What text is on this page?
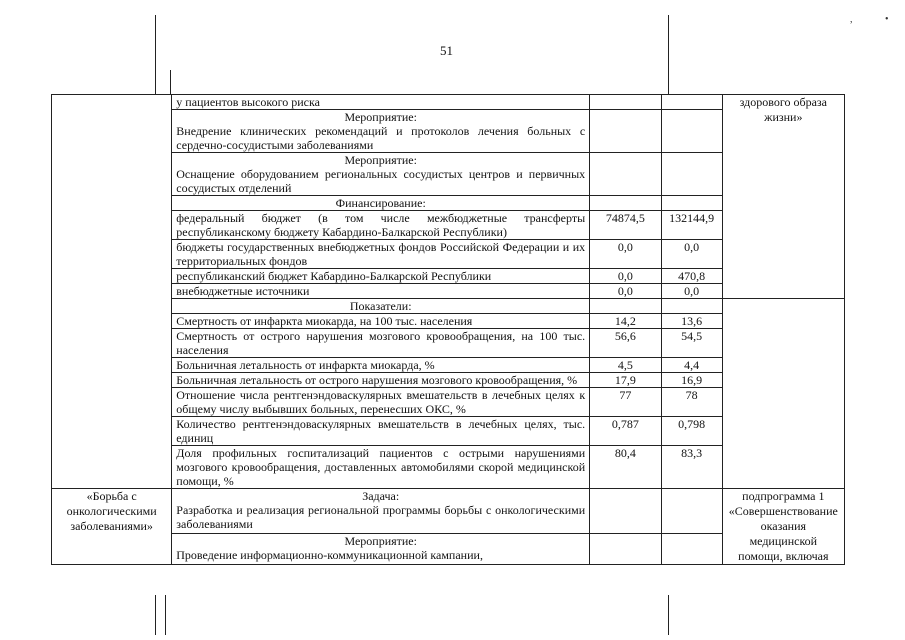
51
,	•
	у пациентов высокого риска			здорового образа жизни»

	Мероприятие:
Внедрение клинических рекомендаций и протоколов лечения больных с сердечно-сосудистыми заболеваниями			

	Мероприятие:
Оснащение оборудованием региональных сосудистых центров и первичных сосудистых отделений			

	Финансирование:			
	федеральный бюджет (в том числе межбюджетные трансферты республиканскому бюджету Кабардино-Балкарской Республики)	74874,5	132144,9	
	бюджеты государственных внебюджетных фондов Российской Федерации и их территориальных фондов	0,0	0,0	
	республиканский бюджет Кабардино-Балкарской Республики	0,0	470,8	
	внебюджетные источники	0,0	0,0	
	Показатели:			
	Смертность от инфаркта миокарда, на 100 тыс. населения	14,2	13,6	
	Смертность от острого нарушения мозгового кровообращения, на 100 тыс. населения	56,6	54,5	
	Больничная летальность от инфаркта миокарда, %	4,5	4,4	
	Больничная летальность от острого нарушения мозгового кровообращения, %	17,9	16,9	
	Отношение числа рентгенэндоваскулярных вмешательств в лечебных целях к общему числу выбывших больных, перенесших ОКС, %	77	78	
	Количество рентгенэндоваскулярных вмешательств в лечебных целях, тыс. единиц	0,787	0,798	
	Доля профильных госпитализаций пациентов с острыми нарушениями мозгового кровообращения, доставленных автомобилями скорой медицинской помощи, %	80,4	83,3	
«Борьба с онкологическими заболеваниями»	Задача:
Разработка и реализация региональной программы борьбы с онкологическими заболеваниями			подпрограмма 1 «Совершенствование оказания медицинской помощи, включая

	Мероприятие:
Проведение информационно-коммуникационной кампании,			
